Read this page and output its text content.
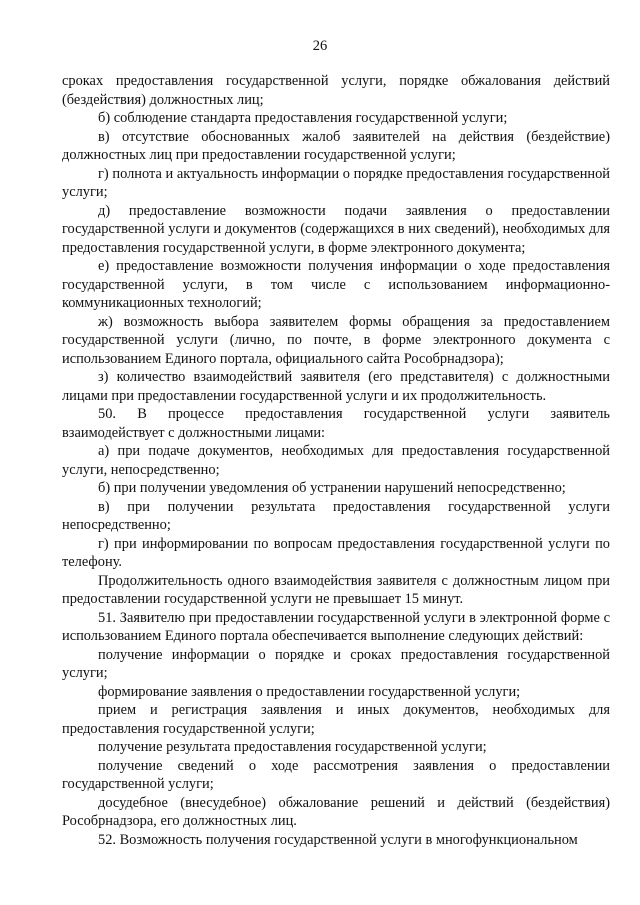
26

сроках предоставления государственной услуги, порядке обжалования действий (бездействия) должностных лиц;

б) соблюдение стандарта предоставления государственной услуги;

в) отсутствие обоснованных жалоб заявителей на действия (бездействие) должностных лиц при предоставлении государственной услуги;

г) полнота и актуальность информации о порядке предоставления государственной услуги;

д) предоставление возможности подачи заявления о предоставлении государственной услуги и документов (содержащихся в них сведений), необходимых для предоставления государственной услуги, в форме электронного документа;

е) предоставление возможности получения информации о ходе предоставления государственной услуги, в том числе с использованием информационно-коммуникационных технологий;

ж) возможность выбора заявителем формы обращения за предоставлением государственной услуги (лично, по почте, в форме электронного документа с использованием Единого портала, официального сайта Рособрнадзора);

з) количество взаимодействий заявителя (его представителя) с должностными лицами при предоставлении государственной услуги и их продолжительность.

50. В процессе предоставления государственной услуги заявитель взаимодействует с должностными лицами:

а) при подаче документов, необходимых для предоставления государственной услуги, непосредственно;

б) при получении уведомления об устранении нарушений непосредственно;

в) при получении результата предоставления государственной услуги непосредственно;

г) при информировании по вопросам предоставления государственной услуги по телефону.

Продолжительность одного взаимодействия заявителя с должностным лицом при предоставлении государственной услуги не превышает 15 минут.

51. Заявителю при предоставлении государственной услуги в электронной форме с использованием Единого портала обеспечивается выполнение следующих действий:

получение информации о порядке и сроках предоставления государственной услуги;

формирование заявления о предоставлении государственной услуги;

прием и регистрация заявления и иных документов, необходимых для предоставления государственной услуги;

получение результата предоставления государственной услуги;

получение сведений о ходе рассмотрения заявления о предоставлении государственной услуги;

досудебное (внесудебное) обжалование решений и действий (бездействия) Рособрнадзора, его должностных лиц.

52. Возможность получения государственной услуги в многофункциональном
